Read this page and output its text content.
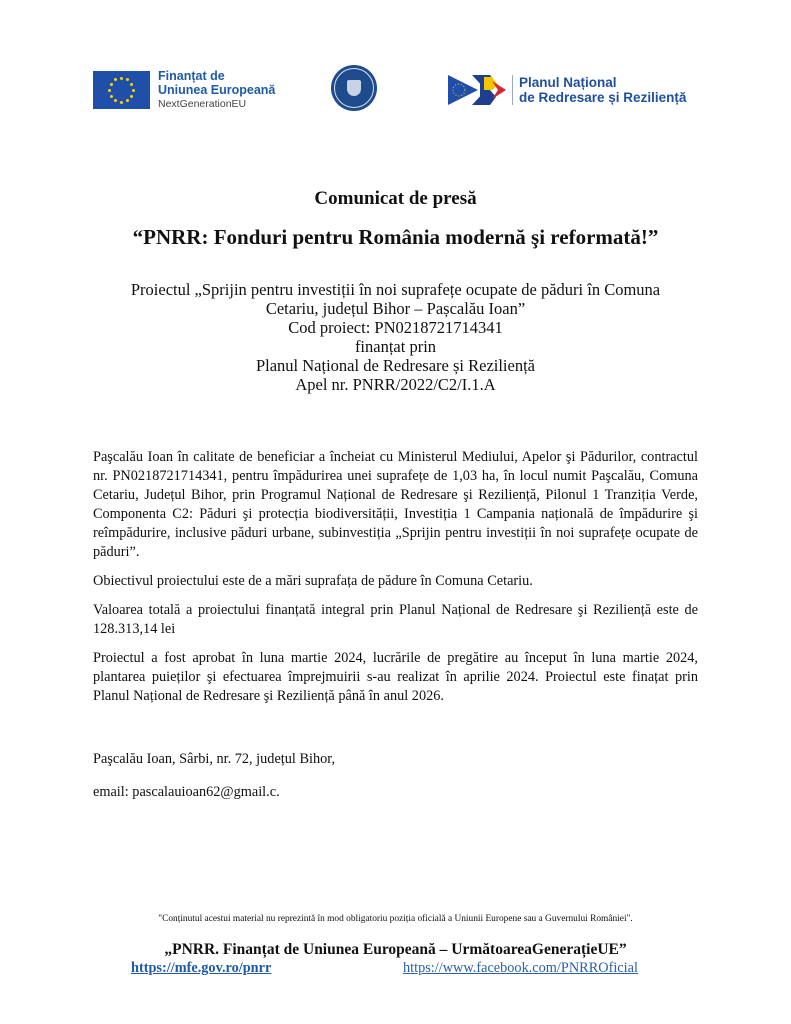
Finanțat de
Uniunea Europeană
NextGenerationEU
Planul Național
de Redresare și Reziliență
Comunicat de presă
“PNRR: Fonduri pentru România modernă şi reformată!”
Proiectul „Sprijin pentru investiții în noi suprafețe ocupate de păduri în Comuna
Cetariu, județul Bihor – Pașcalău Ioan”
Cod proiect: PN0218721714341
finanțat prin
Planul Național de Redresare și Reziliență
Apel nr. PNRR/2022/C2/I.1.A

Paşcalău Ioan în calitate de beneficiar a încheiat cu Ministerul Mediului, Apelor şi Pădurilor, contractul nr. PN0218721714341, pentru împădurirea unei suprafețe de 1,03 ha, în locul numit Paşcalău, Comuna Cetariu, Județul Bihor, prin Programul Național de Redresare şi Reziliență, Pilonul 1 Tranziția Verde, Componenta C2: Păduri şi protecția biodiversității, Investiția 1 Campania națională de împădurire şi reîmpădurire, inclusive păduri urbane, subinvestiția „Sprijin pentru investiții în noi suprafețe ocupate de păduri”.

Obiectivul proiectului este de a mări suprafața de pădure în Comuna Cetariu.

Valoarea totală a proiectului finanțată integral prin Planul Național de Redresare şi Reziliență este de 128.313,14 lei

Proiectul a fost aprobat în luna martie 2024, lucrările de pregătire au început în luna martie 2024, plantarea puieților şi efectuarea împrejmuirii s-au realizat în aprilie 2024. Proiectul este finațat prin Planul Național de Redresare şi Reziliență până în anul 2026.

Paşcalău Ioan, Sârbi, nr. 72, județul Bihor,

email: pascalauioan62@gmail.c.

"Conținutul acestui material nu reprezintă în mod obligatoriu poziția oficială a Uniunii Europene sau a Guvernului României".
„PNRR. Finanțat de Uniunea Europeană – UrmătoareaGenerațieUE”
https://mfe.gov.ro/pnrr	https://www.facebook.com/PNRROficial
